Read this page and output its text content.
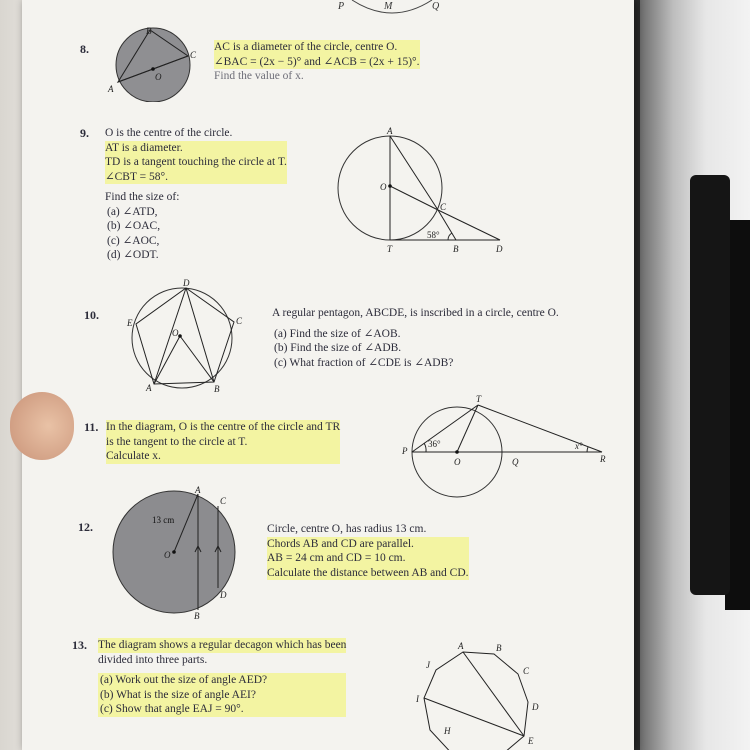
P	M	Q
8.
B
C
A
O
AC is a diameter of the circle, centre O.
∠BAC = (2x − 5)° and ∠ACB = (2x + 15)°.
Find the value of x.
9. O is the centre of the circle.
AT is a diameter.
TD is a tangent touching the circle at T.
∠CBT = 58°.
Find the size of:
(a) ∠ATD,
(b) ∠OAC,
(c) ∠AOC,
(d) ∠ODT.
A
O
C
58°
T	B	D
10.
D
C
E
O
A	B
A regular pentagon, ABCDE, is inscribed in a circle, centre O.
(a) Find the size of ∠AOB.
(b) Find the size of ∠ADB.
(c) What fraction of ∠CDE is ∠ADB?
11. In the diagram, O is the centre of the circle and TR
is the tangent to the circle at T.
Calculate x.
T
P
36°
O	Q
x°
R
12.	13 cm
A
C
O
D
B
Circle, centre O, has radius 13 cm.
Chords AB and CD are parallel.
AB = 24 cm and CD = 10 cm.
Calculate the distance between AB and CD.
13. The diagram shows a regular decagon which has been
divided into three parts.
(a) Work out the size of angle AED?
(b) What is the size of angle AEI?
(c) Show that angle EAJ = 90°.
A	B
C
D
E
H
I
J
